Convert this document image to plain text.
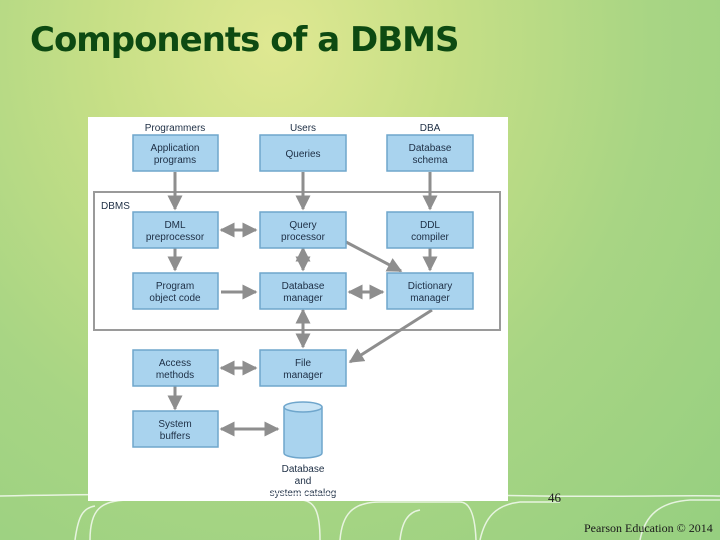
Components of a DBMS
Programmers	Users	DBA
DBMS
Application
programs
Queries
Database
schema
DML
preprocessor
Query
processor
DDL
compiler
Program
object code
Database
manager
Dictionary
manager
Access
methods
File
manager
System
buffers
Database
and
system catalog	46
Pearson Education © 2014
